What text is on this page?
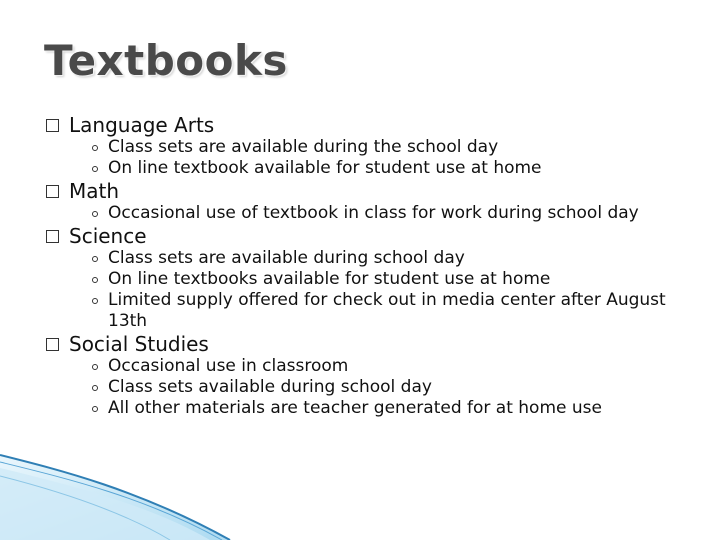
Textbooks
Language Arts
Class sets are available during the school day
On line textbook available for student use at home
Math
Occasional use of textbook in class for work during school day
Science
Class sets are available during school day
On line textbooks available for student use at home
Limited supply offered for check out in media center after August 13th
Social Studies
Occasional use in classroom
Class sets available during school day
All other materials are teacher generated for at home use
